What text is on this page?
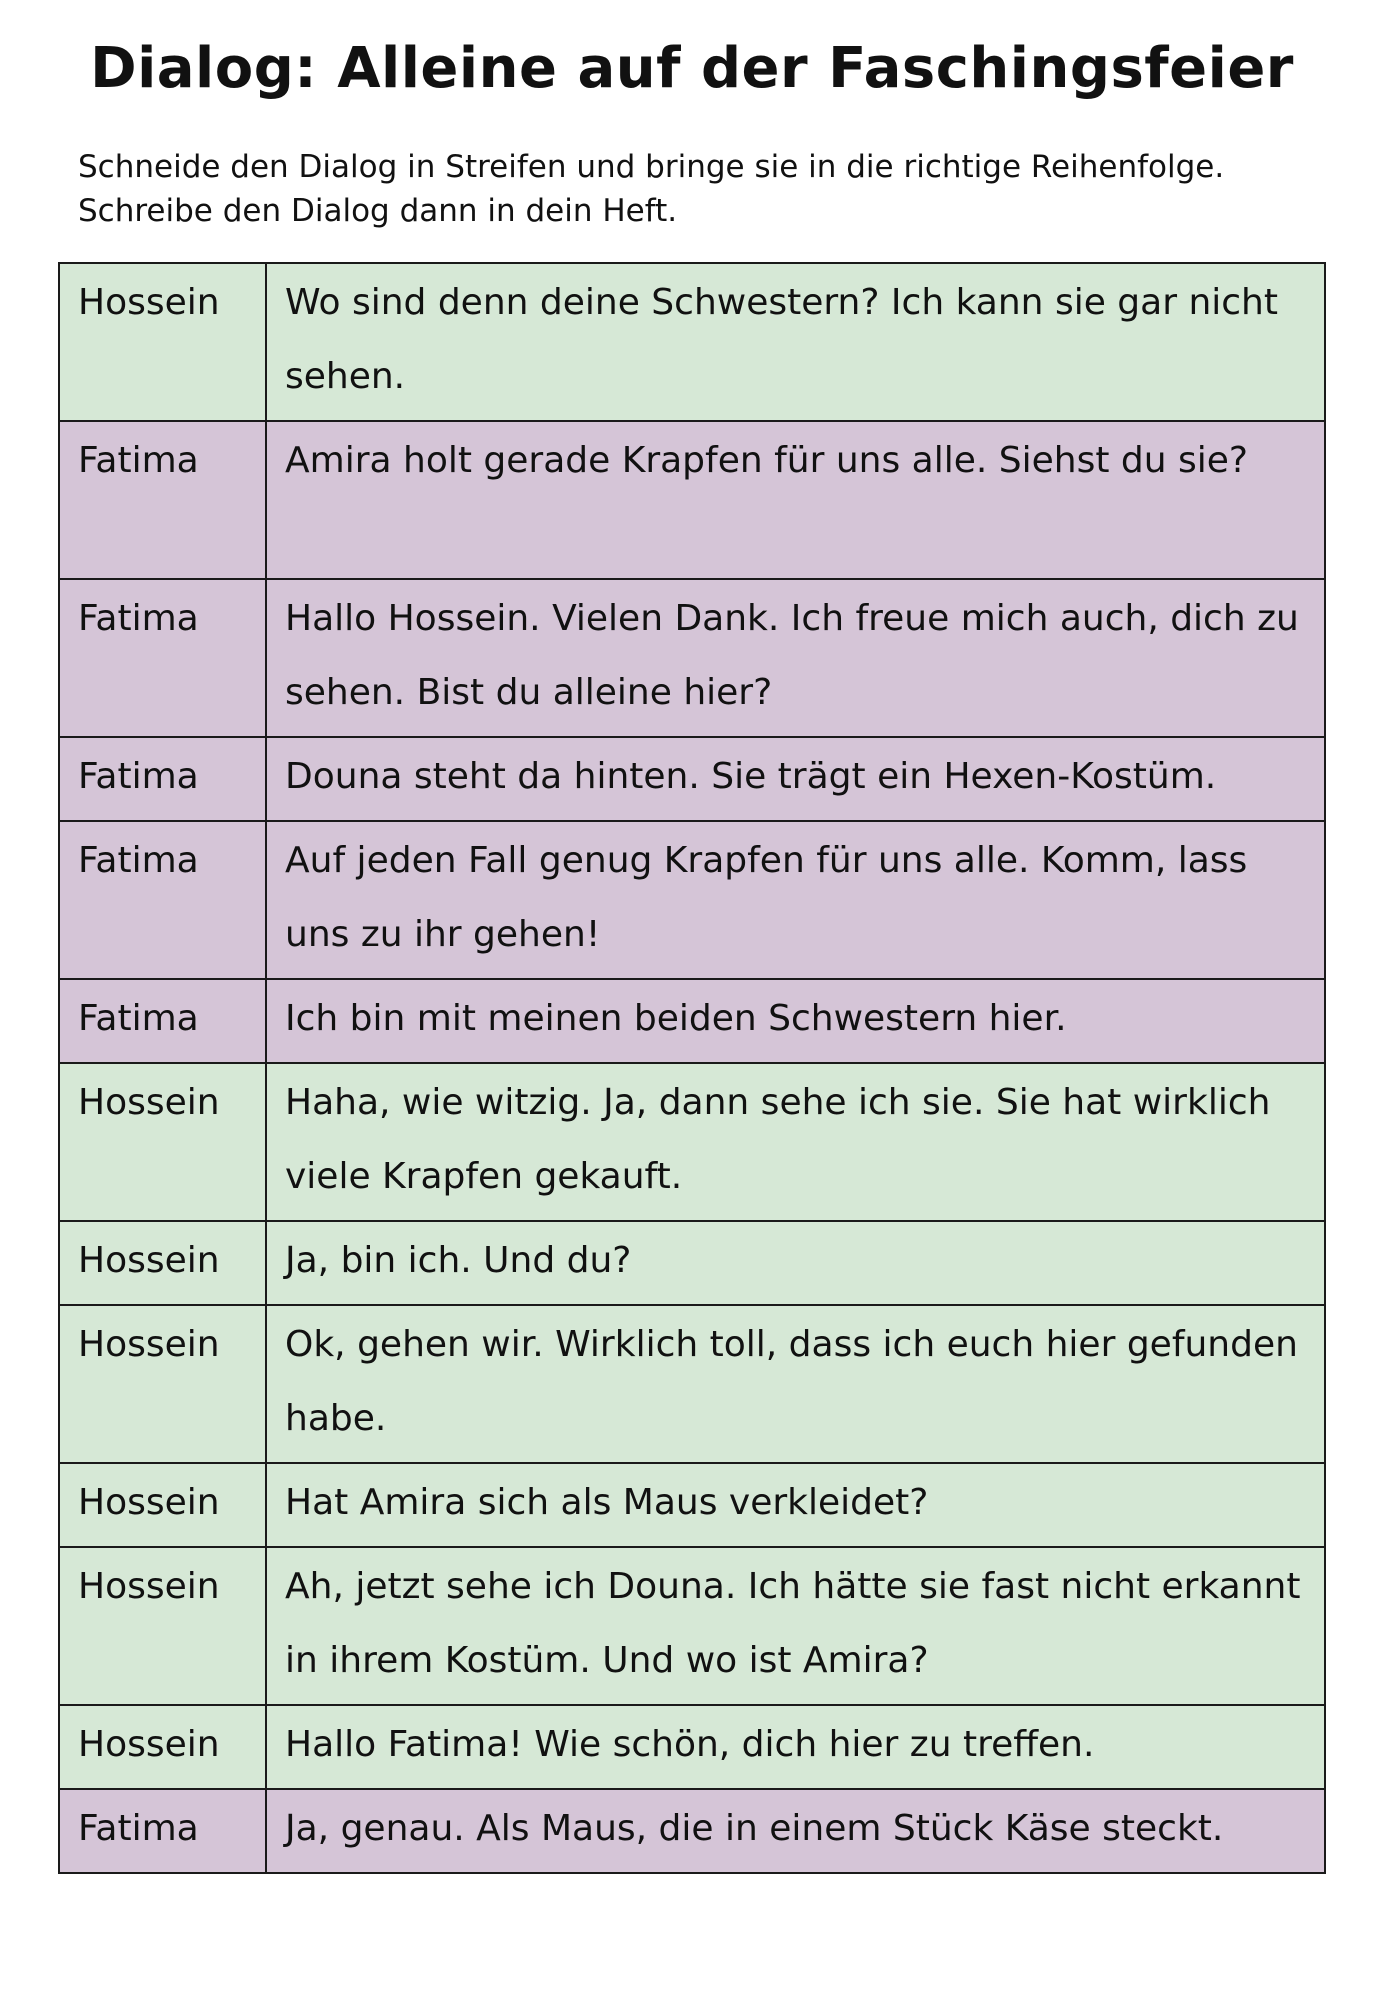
Dialog: Alleine auf der Faschingsfeier

Schneide den Dialog in Streifen und bringe sie in die richtige Reihenfolge. Schreibe den Dialog dann in dein Heft.

Hossein	Wo sind denn deine Schwestern? Ich kann sie gar nicht sehen.

Fatima	Amira holt gerade Krapfen für uns alle. Siehst du sie?

Fatima	Hallo Hossein. Vielen Dank. Ich freue mich auch, dich zu sehen. Bist du alleine hier?

Fatima	Douna steht da hinten. Sie trägt ein Hexen-Kostüm.

Fatima	Auf jeden Fall genug Krapfen für uns alle. Komm, lass uns zu ihr gehen!

Fatima	Ich bin mit meinen beiden Schwestern hier.

Hossein	Haha, wie witzig. Ja, dann sehe ich sie. Sie hat wirklich viele Krapfen gekauft.

Hossein	Ja, bin ich. Und du?

Hossein	Ok, gehen wir. Wirklich toll, dass ich euch hier gefunden habe.

Hossein	Hat Amira sich als Maus verkleidet?

Hossein	Ah, jetzt sehe ich Douna. Ich hätte sie fast nicht erkannt in ihrem Kostüm. Und wo ist Amira?

Hossein	Hallo Fatima! Wie schön, dich hier zu treffen.

Fatima	Ja, genau. Als Maus, die in einem Stück Käse steckt.
